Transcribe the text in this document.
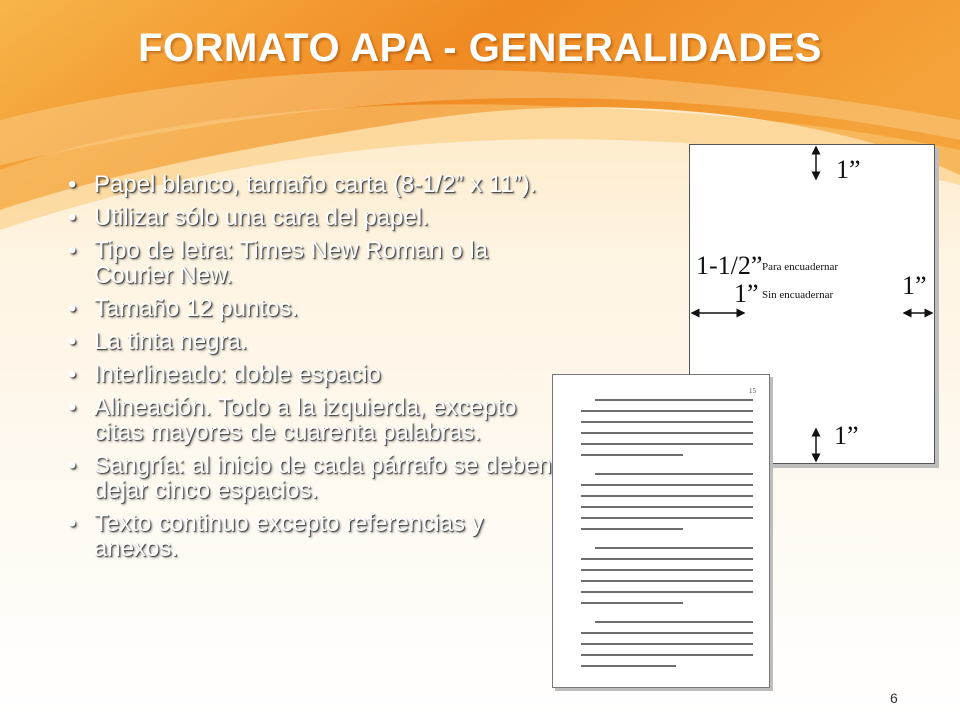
FORMATO APA - GENERALIDADES
• Papel blanco, tamaño carta (8-1/2” x 11”).
• Utilizar sólo una cara del papel.
• Tipo de letra: Times New Roman o la Courier New.
• Tamaño 12 puntos.
• La tinta negra.
• Interlineado: doble espacio
• Alineación. Todo a la izquierda, excepto citas mayores de cuarenta palabras.
• Sangría: al inicio de cada párrafo se deben dejar cinco espacios.
• Texto continuo excepto referencias y anexos.
1”
1-1/2” Para encuadernar
1” Sin encuadernar	1”
1”
15
6
